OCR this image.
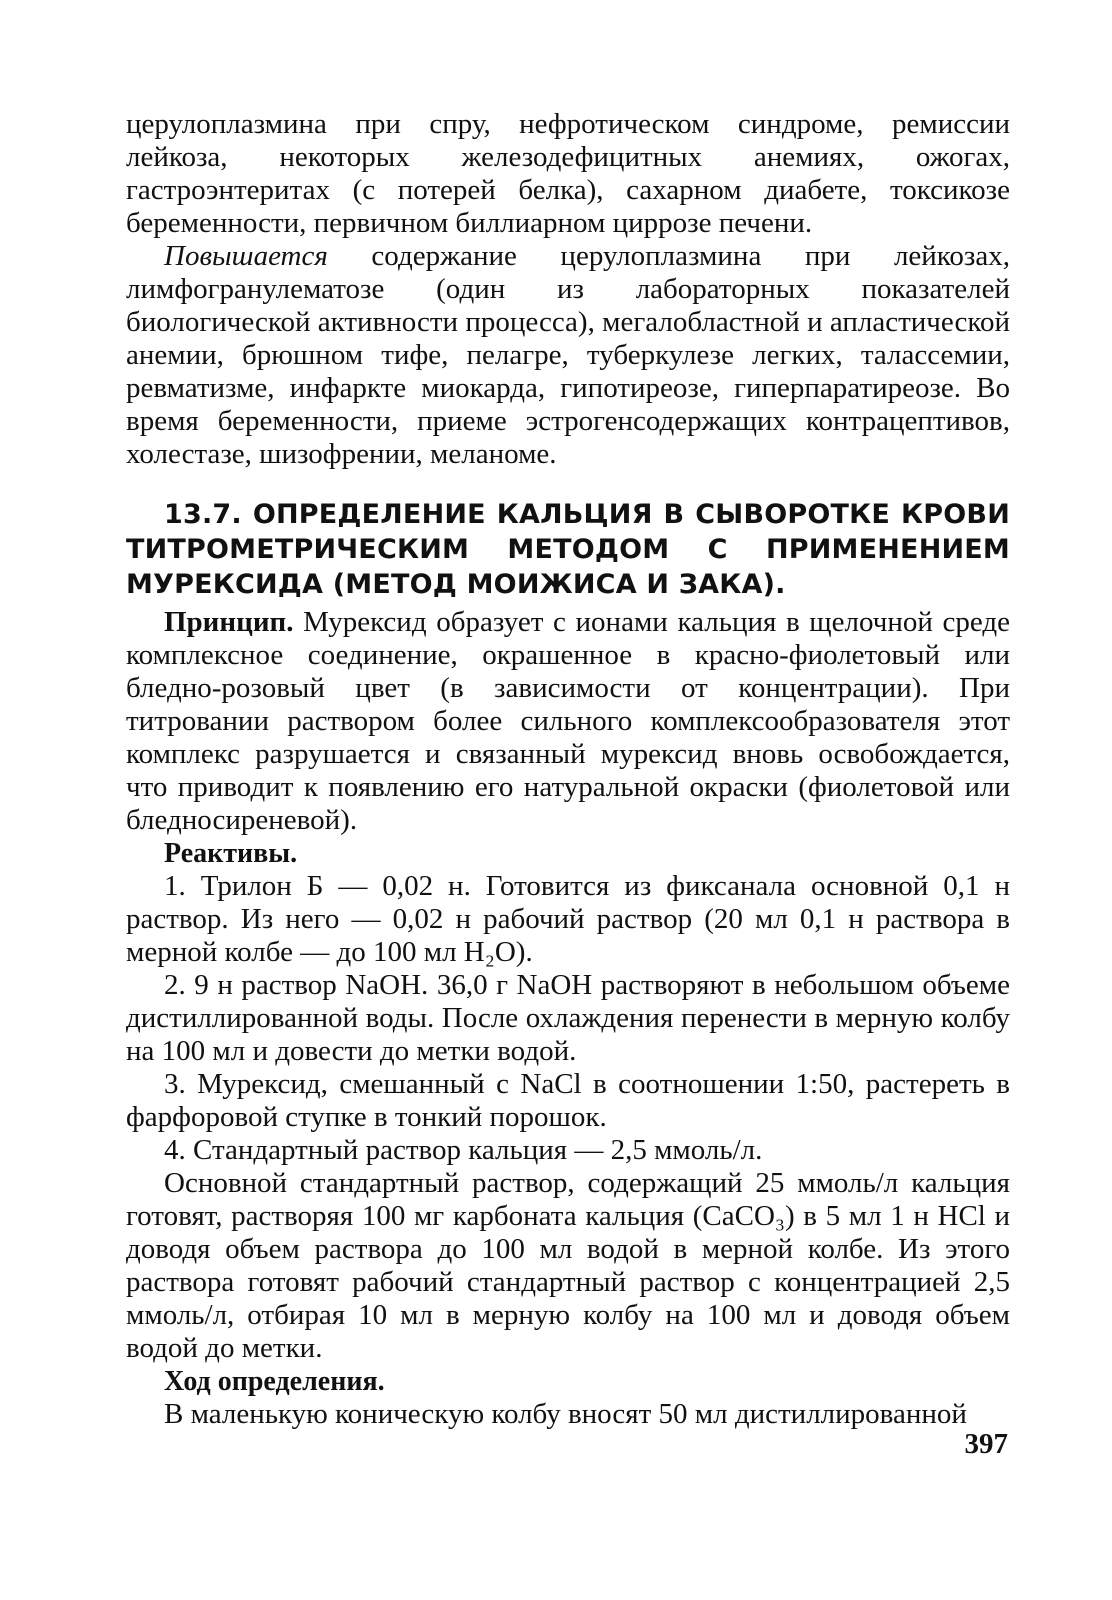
церулоплазмина при спру, нефротическом синдроме, ремиссии лейкоза, некоторых железодефицитных анемиях, ожогах, гастроэнтеритах (с потерей белка), сахарном диабете, токсикозе беременности, первичном биллиарном циррозе печени.

Повышается содержание церулоплазмина при лейкозах, лимфогранулематозе (один из лабораторных показателей биологической активности процесса), мегалобластной и апластической анемии, брюшном тифе, пелагре, туберкулезе легких, талассемии, ревматизме, инфаркте миокарда, гипотиреозе, гиперпаратиреозе. Во время беременности, приеме эстрогенсодержащих контрацептивов, холестазе, шизофрении, меланоме.

13.7. ОПРЕДЕЛЕНИЕ КАЛЬЦИЯ В СЫВОРОТКЕ КРОВИ ТИТРОМЕТРИЧЕСКИМ МЕТОДОМ С ПРИМЕНЕНИЕМ МУРЕКСИДА (МЕТОД МОИЖИСА И ЗАКА).

Принцип. Мурексид образует с ионами кальция в щелочной среде комплексное соединение, окрашенное в красно-фиолетовый или бледно-розовый цвет (в зависимости от концентрации). При титровании раствором более сильного комплексообразователя этот комплекс разрушается и связанный мурексид вновь освобождается, что приводит к появлению его натуральной окраски (фиолетовой или бледносиреневой).

Реактивы.

1. Трилон Б — 0,02 н. Готовится из фиксанала основной 0,1 н раствор. Из него — 0,02 н рабочий раствор (20 мл 0,1 н раствора в мерной колбе — до 100 мл H₂O).

2. 9 н раствор NaOH. 36,0 г NaOH растворяют в небольшом объеме дистиллированной воды. После охлаждения перенести в мерную колбу на 100 мл и довести до метки водой.

3. Мурексид, смешанный с NaCl в соотношении 1:50, растереть в фарфоровой ступке в тонкий порошок.

4. Стандартный раствор кальция — 2,5 ммоль/л.

Основной стандартный раствор, содержащий 25 ммоль/л кальция готовят, растворяя 100 мг карбоната кальция (CaCO₃) в 5 мл 1 н HCl и доводя объем раствора до 100 мл водой в мерной колбе. Из этого раствора готовят рабочий стандартный раствор с концентрацией 2,5 ммоль/л, отбирая 10 мл в мерную колбу на 100 мл и доводя объем водой до метки.

Ход определения.

В маленькую коническую колбу вносят 50 мл дистиллированной

397
